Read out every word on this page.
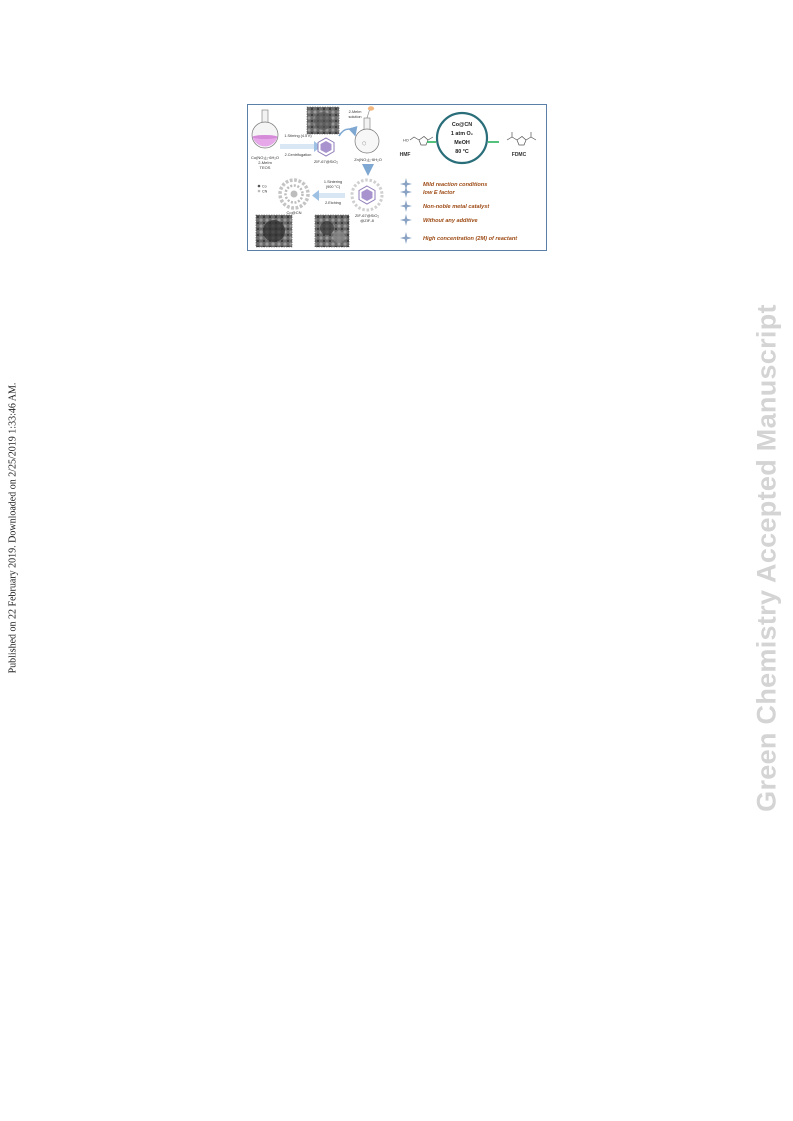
Published on 22 February 2019. Downloaded on 2/25/2019 1:33:46 AM.	Green Chemistry Accepted Manuscript
Co(NO₃)₂·6H₂O
2-MeIm
TEOS
1.Stirring (4.5 h)
2.Centrifugation
ZIF-67@SiO₂
2-MeIm
solution
⬡
Zn(NO₃)₂·6H₂O
ZIF-67@SiO₂
@ZIF-8
1.Sintering
(900 °C)
2.Etching
Co@CN
Co
CN
HO
HMF
Co@CN
1 atm O₂
MeOH
80 °C	FDMC
Mild reaction conditions
low E factor
Non-noble metal catalyst
Without any additive
High concentration (2M) of reactant
